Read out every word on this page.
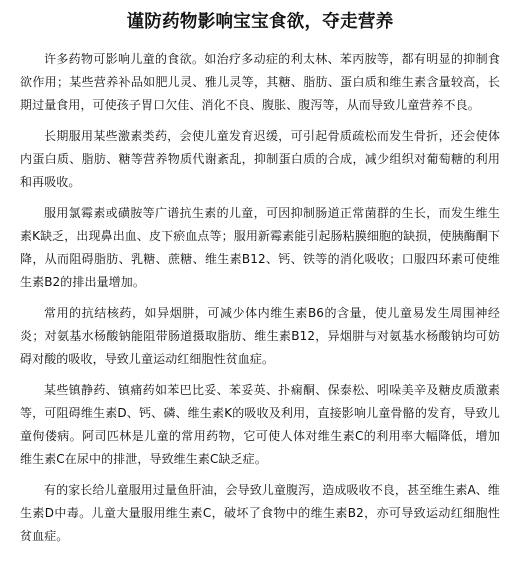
谨防药物影响宝宝食欲，夺走营养

许多药物可影响儿童的食欲。如治疗多动症的利太林、苯丙胺等，都有明显的抑制食欲作用；某些营养补品如肥儿灵、雅儿灵等，其糖、脂肪、蛋白质和维生素含量较高，长期过量食用，可使孩子胃口欠佳、消化不良、腹胀、腹泻等，从而导致儿童营养不良。

长期服用某些激素类药，会使儿童发育迟缓，可引起骨质疏松而发生骨折，还会使体内蛋白质、脂肪、糖等营养物质代谢紊乱，抑制蛋白质的合成，减少组织对葡萄糖的利用和再吸收。

服用氯霉素或磺胺等广谱抗生素的儿童，可因抑制肠道正常菌群的生长，而发生维生素K缺乏，出现鼻出血、皮下瘀血点等；服用新霉素能引起肠粘膜细胞的缺损，使胰酶酮下降，从而阻碍脂肪、乳糖、蔗糖、维生素B12、钙、铁等的消化吸收；口服四环素可使维生素B2的排出量增加。

常用的抗结核药，如异烟肼，可减少体内维生素B6的含量，使儿童易发生周围神经炎；对氨基水杨酸钠能阻带肠道摄取脂肪、维生素B12，异烟肼与对氨基水杨酸钠均可妨碍对酸的吸收，导致儿童运动红细胞性贫血症。

某些镇静药、镇痛药如苯巴比妥、苯妥英、扑痫酮、保泰松、吲哚美辛及糖皮质激素等，可阻碍维生素D、钙、磷、维生素K的吸收及利用，直接影响儿童骨骼的发育，导致儿童佝偻病。阿司匹林是儿童的常用药物，它可使人体对维生素C的利用率大幅降低，增加维生素C在尿中的排泄，导致维生素C缺乏症。

有的家长给儿童服用过量鱼肝油，会导致儿童腹泻，造成吸收不良，甚至维生素A、维生素D中毒。儿童大量服用维生素C，破坏了食物中的维生素B2，亦可导致运动红细胞性贫血症。
